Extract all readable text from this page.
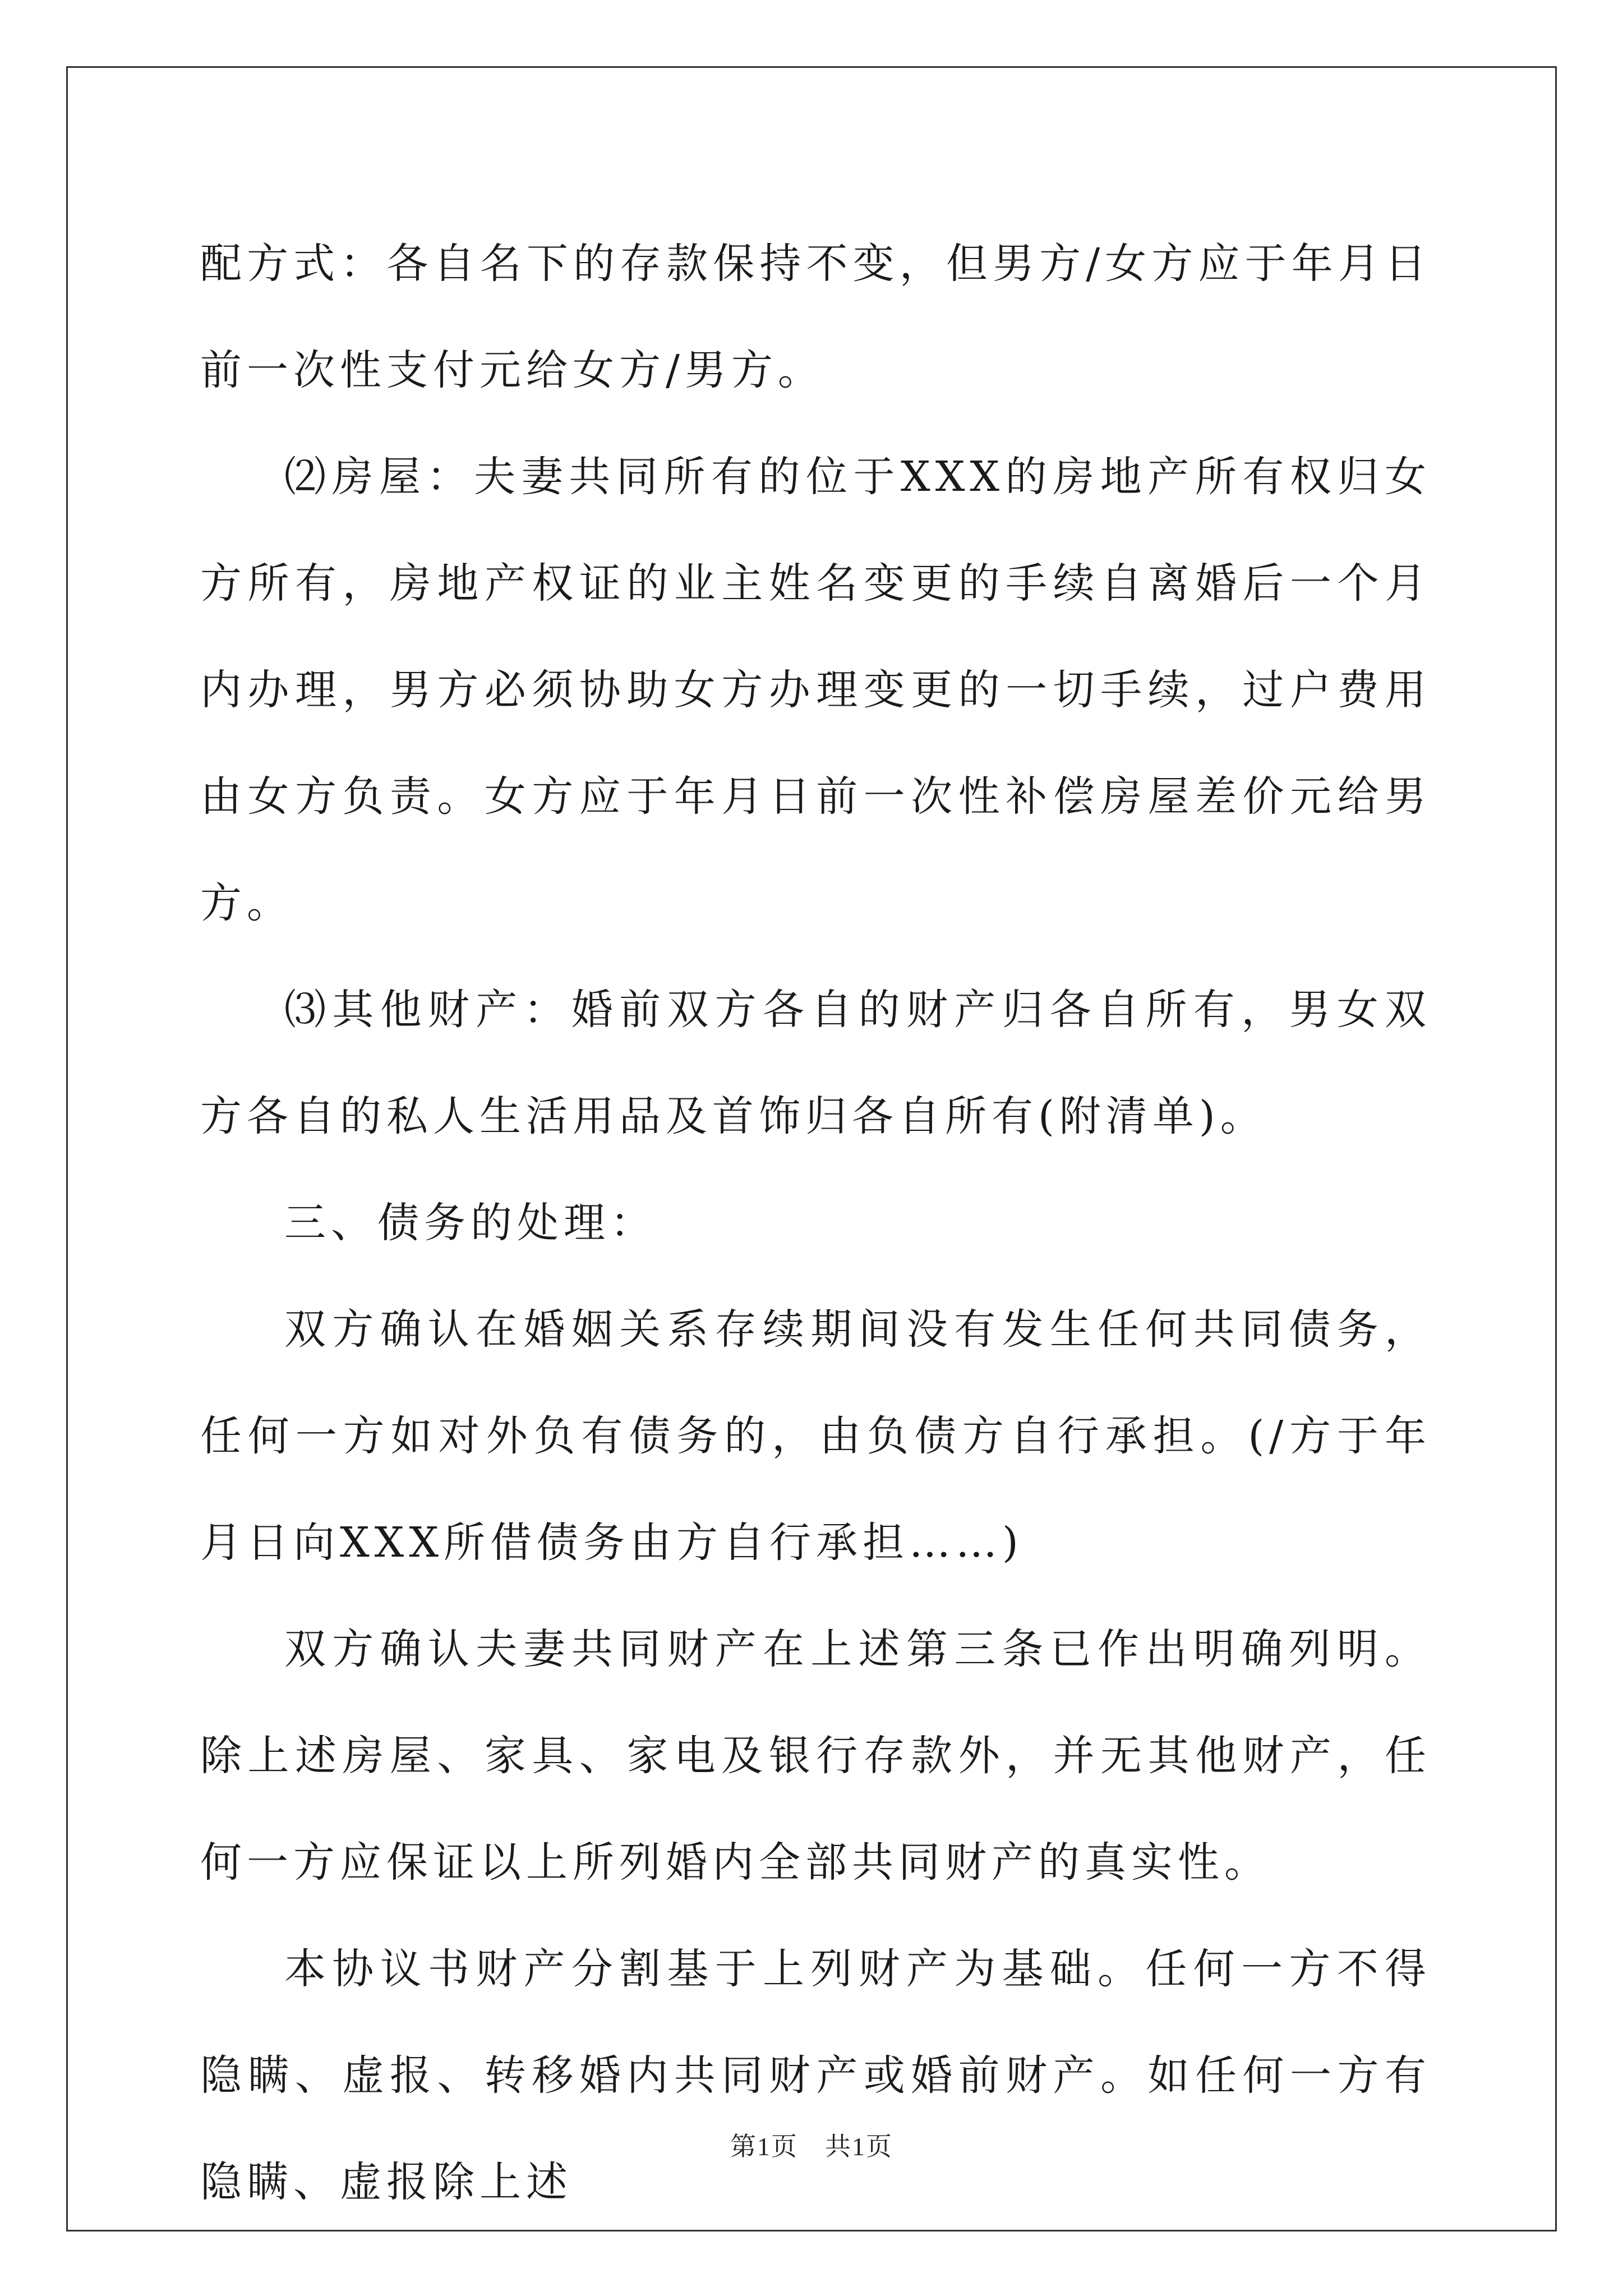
配方式：各自名下的存款保持不变，但男方/女方应于年月日前一次性支付元给女方/男方。

⑵房屋：夫妻共同所有的位于XXX的房地产所有权归女方所有，房地产权证的业主姓名变更的手续自离婚后一个月内办理，男方必须协助女方办理变更的一切手续，过户费用由女方负责。女方应于年月日前一次性补偿房屋差价元给男方。

⑶其他财产：婚前双方各自的财产归各自所有，男女双方各自的私人生活用品及首饰归各自所有(附清单)。

三、债务的处理：

双方确认在婚姻关系存续期间没有发生任何共同债务，任何一方如对外负有债务的，由负债方自行承担。(/方于年月日向XXX所借债务由方自行承担……)

双方确认夫妻共同财产在上述第三条已作出明确列明。除上述房屋、家具、家电及银行存款外，并无其他财产，任何一方应保证以上所列婚内全部共同财产的真实性。

本协议书财产分割基于上列财产为基础。任何一方不得隐瞒、虚报、转移婚内共同财产或婚前财产。如任何一方有隐瞒、虚报除上述

第1页　共1页
